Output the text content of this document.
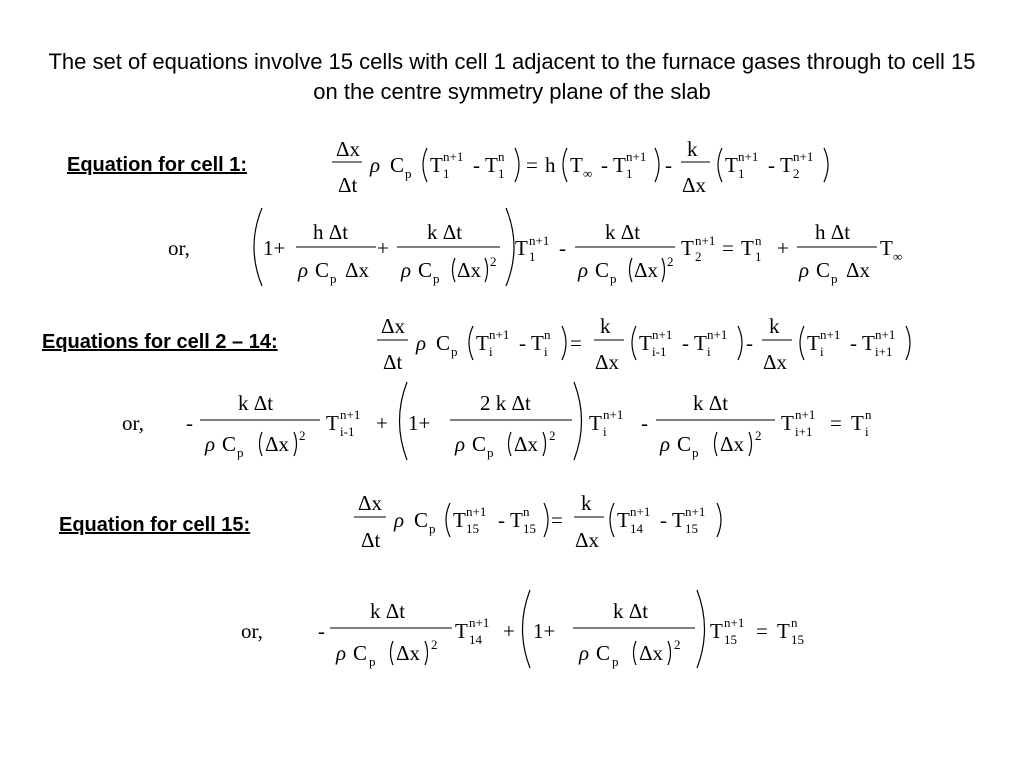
The set of equations involve 15 cells with cell 1 adjacent to the furnace gases through to cell 15 on the centre symmetry plane of the slab
Equation for cell 1:
Equations for cell 2 – 14:
Equation for cell 15:
Δx
Δt
ρ C p T n+1
1 - T n
1 = h T ∞ - T n+1
1 -
k
Δx
T n+1
1 - T n+1
2
or,	1+
h Δt
ρ C p Δx
+
k Δt
ρ C p Δx 2
T n+1
1 -
k Δt
ρ C p Δx 2
T n+1
2 = T n
1 +
h Δt
ρ C p Δx
T ∞
Δx
Δt
ρ C p T n+1
i - T n
i =
k
Δx
T n+1
i-1 - T n+1
i -
k
Δx
T n+1
i - T n+1
i+1
or, -
k Δt
ρ C p Δx 2
T n+1
i-1 + 1+
2 k Δt
ρ C p Δx 2
T n+1
i -
k Δt
ρ C p Δx 2
T n+1
i+1 = T n
i
Δx
Δt
ρ C p T n+1
15 - T n
15 =
k
Δx
T n+1
14 - T n+1
15
or,	-
k Δt
ρ C p Δx 2
T n+1
14 + 1+
k Δt
ρ C p Δx 2
T n+1
15 = T n
15
